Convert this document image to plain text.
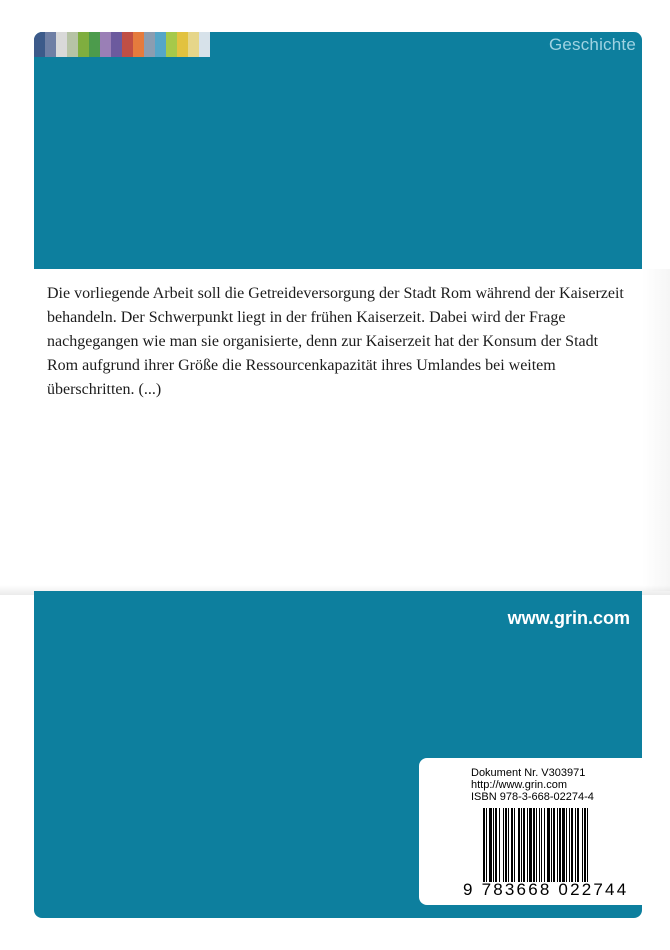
Geschichte

Die vorliegende Arbeit soll die Getreideversorgung der Stadt Rom während der Kaiserzeit behandeln. Der Schwerpunkt liegt in der frühen Kaiserzeit. Dabei wird der Frage nachgegangen wie man sie organisierte, denn zur Kaiserzeit hat der Konsum der Stadt Rom aufgrund ihrer Größe die Ressourcenkapazität ihres Umlandes bei weitem überschritten. (...)

www.grin.com
Dokument Nr. V303971
http://www.grin.com
ISBN 978-3-668-02274-4
9 783668 022744
